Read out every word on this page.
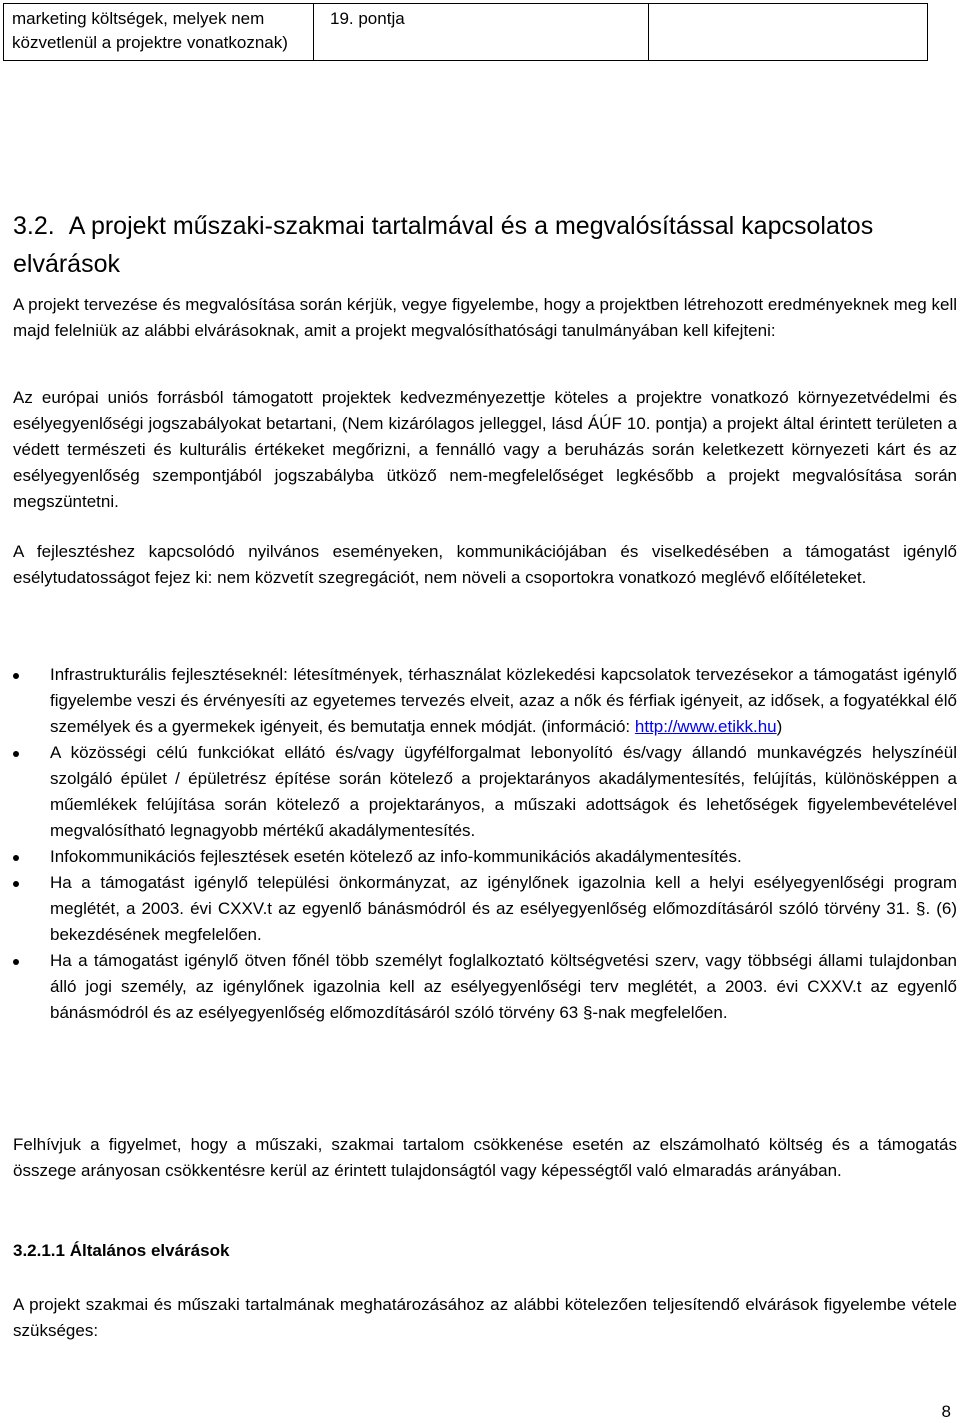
marketing költségek, melyek nem közvetlenül a projektre vonatkoznak)	19. pontja	
3.2. A projekt műszaki-szakmai tartalmával és a megvalósítással kapcsolatos elvárások

A projekt tervezése és megvalósítása során kérjük, vegye figyelembe, hogy a projektben létrehozott eredményeknek meg kell majd felelniük az alábbi elvárásoknak, amit a projekt megvalósíthatósági tanulmányában kell kifejteni:

Az európai uniós forrásból támogatott projektek kedvezményezettje köteles a projektre vonatkozó környezetvédelmi és esélyegyenlőségi jogszabályokat betartani, (Nem kizárólagos jelleggel, lásd ÁÚF 10. pontja) a projekt által érintett területen a védett természeti és kulturális értékeket megőrizni, a fennálló vagy a beruházás során keletkezett környezeti kárt és az esélyegyenlőség szempontjából jogszabályba ütköző nem-megfelelőséget legkésőbb a projekt megvalósítása során megszüntetni.

A fejlesztéshez kapcsolódó nyilvános eseményeken, kommunikációjában és viselkedésében a támogatást igénylő esélytudatosságot fejez ki: nem közvetít szegregációt, nem növeli a csoportokra vonatkozó meglévő előítéleteket.

Infrastrukturális fejlesztéseknél: létesítmények, térhasználat közlekedési kapcsolatok tervezésekor a támogatást igénylő figyelembe veszi és érvényesíti az egyetemes tervezés elveit, azaz a nők és férfiak igényeit, az idősek, a fogyatékkal élő személyek és a gyermekek igényeit, és bemutatja ennek módját. (információ: http://www.etikk.hu)
A közösségi célú funkciókat ellátó és/vagy ügyfélforgalmat lebonyolító és/vagy állandó munkavégzés helyszínéül szolgáló épület / épületrész építése során kötelező a projektarányos akadálymentesítés, felújítás, különösképpen a műemlékek felújítása során kötelező a projektarányos, a műszaki adottságok és lehetőségek figyelembevételével megvalósítható legnagyobb mértékű akadálymentesítés.
Infokommunikációs fejlesztések esetén kötelező az info-kommunikációs akadálymentesítés.
Ha a támogatást igénylő települési önkormányzat, az igénylőnek igazolnia kell a helyi esélyegyenlőségi program meglétét, a 2003. évi CXXV.t az egyenlő bánásmódról és az esélyegyenlőség előmozdításáról szóló törvény 31. §. (6) bekezdésének megfelelően.
Ha a támogatást igénylő ötven főnél több személyt foglalkoztató költségvetési szerv, vagy többségi állami tulajdonban álló jogi személy, az igénylőnek igazolnia kell az esélyegyenlőségi terv meglétét, a 2003. évi CXXV.t az egyenlő bánásmódról és az esélyegyenlőség előmozdításáról szóló törvény 63 §-nak megfelelően.

Felhívjuk a figyelmet, hogy a műszaki, szakmai tartalom csökkenése esetén az elszámolható költség és a támogatás összege arányosan csökkentésre kerül az érintett tulajdonságtól vagy képességtől való elmaradás arányában.

3.2.1.1 Általános elvárások

A projekt szakmai és műszaki tartalmának meghatározásához az alábbi kötelezően teljesítendő elvárások figyelembe vétele szükséges:

8
